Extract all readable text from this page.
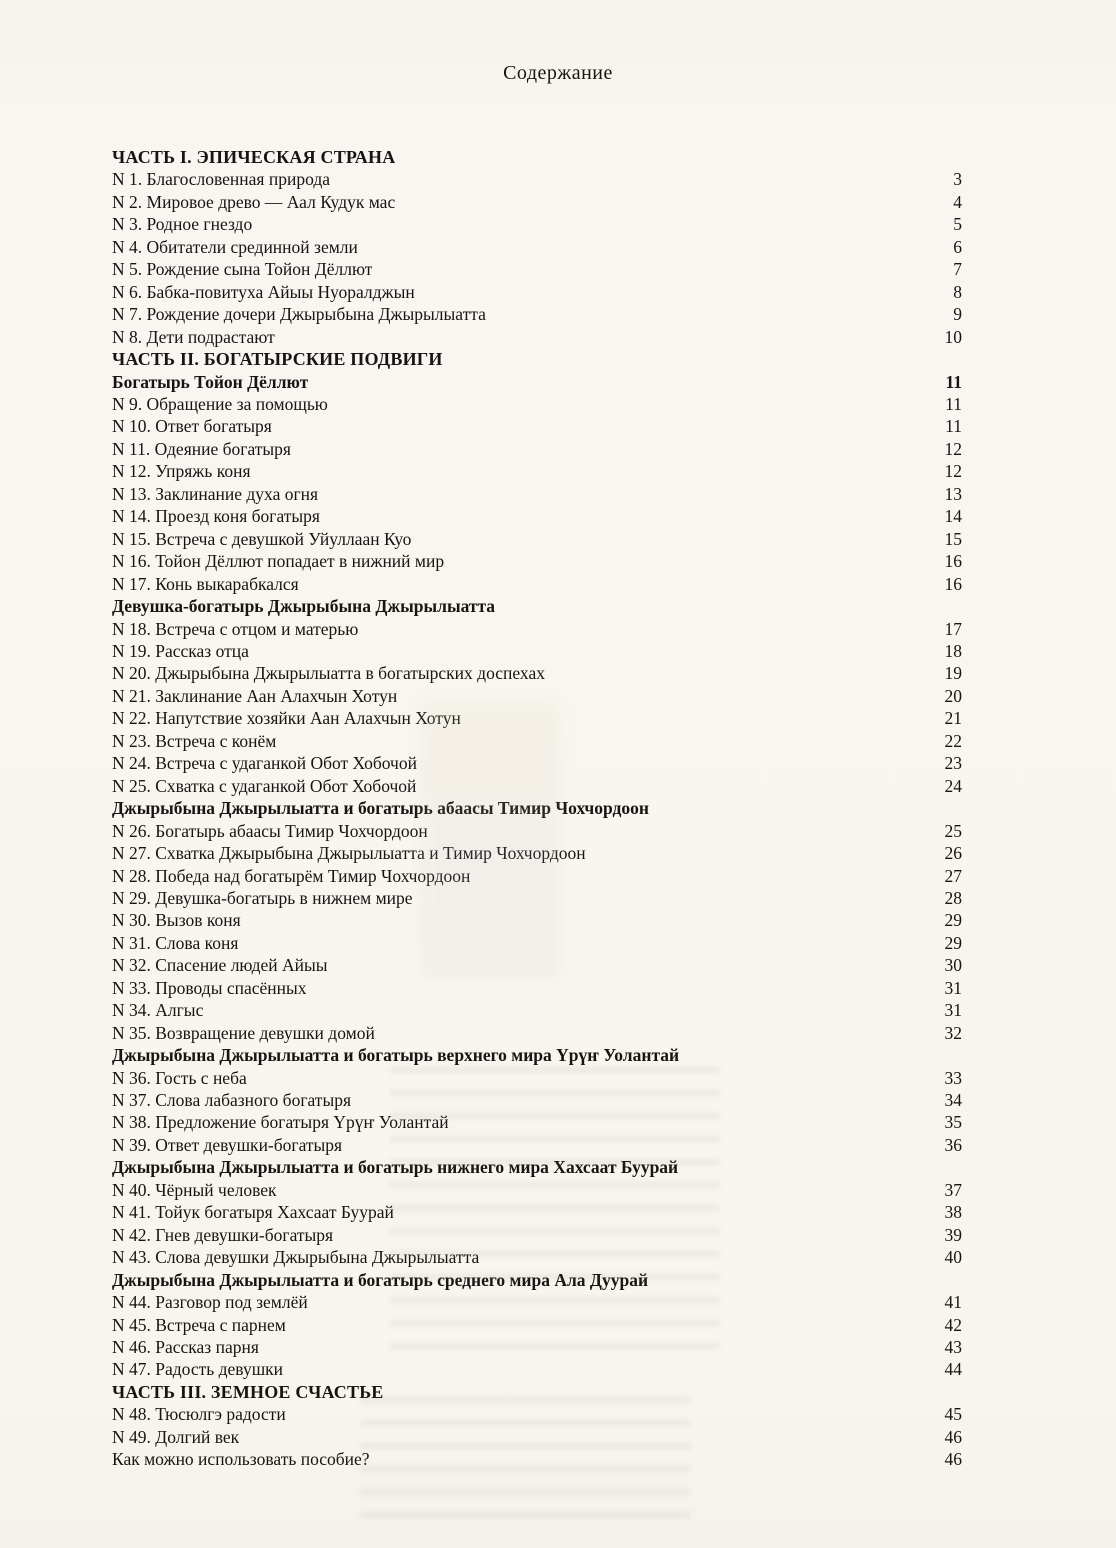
Содержание
ЧАСТЬ I. ЭПИЧЕСКАЯ СТРАНА
N 1. Благословенная природа	3
N 2. Мировое древо — Аал Кудук мас	4
N 3. Родное гнездо	5
N 4. Обитатели срединной земли	6
N 5. Рождение сына Тойон Дёллют	7
N 6. Бабка-повитуха Айыы Нуоралджын	8
N 7. Рождение дочери Джырыбына Джырылыатта	9
N 8. Дети подрастают	10
ЧАСТЬ II. БОГАТЫРСКИЕ ПОДВИГИ
Богатырь Тойон Дёллют	11
N 9. Обращение за помощью	11
N 10. Ответ богатыря	11
N 11. Одеяние богатыря	12
N 12. Упряжь коня	12
N 13. Заклинание духа огня	13
N 14. Проезд коня богатыря	14
N 15. Встреча с девушкой Уйуллаан Куо	15
N 16. Тойон Дёллют попадает в нижний мир	16
N 17. Конь выкарабкался	16
Девушка-богатырь Джырыбына Джырылыатта
N 18. Встреча с отцом и матерью	17
N 19. Рассказ отца	18
N 20. Джырыбына Джырылыатта в богатырских доспехах	19
N 21. Заклинание Аан Алахчын Хотун	20
N 22. Напутствие хозяйки Аан Алахчын Хотун	21
N 23. Встреча с конём	22
N 24. Встреча с удаганкой Обот Хобочой	23
N 25. Схватка с удаганкой Обот Хобочой	24
Джырыбына Джырылыатта и богатырь абаасы Тимир Чохчордоон
N 26. Богатырь абаасы Тимир Чохчордоон	25
N 27. Схватка Джырыбына Джырылыатта и Тимир Чохчордоон	26
N 28. Победа над богатырём Тимир Чохчордоон	27
N 29. Девушка-богатырь в нижнем мире	28
N 30. Вызов коня	29
N 31. Слова коня	29
N 32. Спасение людей Айыы	30
N 33. Проводы спасённых	31
N 34. Алгыс	31
N 35. Возвращение девушки домой	32
Джырыбына Джырылыатта и богатырь верхнего мира Үрүҥ Уолантай
N 36. Гость с неба	33
N 37. Слова лабазного богатыря	34
N 38. Предложение богатыря Үрүҥ Уолантай	35
N 39. Ответ девушки-богатыря	36
Джырыбына Джырылыатта и богатырь нижнего мира Хахсаат Буурай
N 40. Чёрный человек	37
N 41. Тойук богатыря Хахсаат Буурай	38
N 42. Гнев девушки-богатыря	39
N 43. Слова девушки Джырыбына Джырылыатта	40
Джырыбына Джырылыатта и богатырь среднего мира Ала Дуурай
N 44. Разговор под землёй	41
N 45. Встреча с парнем	42
N 46. Рассказ парня	43
N 47. Радость девушки	44
ЧАСТЬ III. ЗЕМНОЕ СЧАСТЬЕ
N 48. Тюсюлгэ радости	45
N 49. Долгий век	46
Как можно использовать пособие?	46
